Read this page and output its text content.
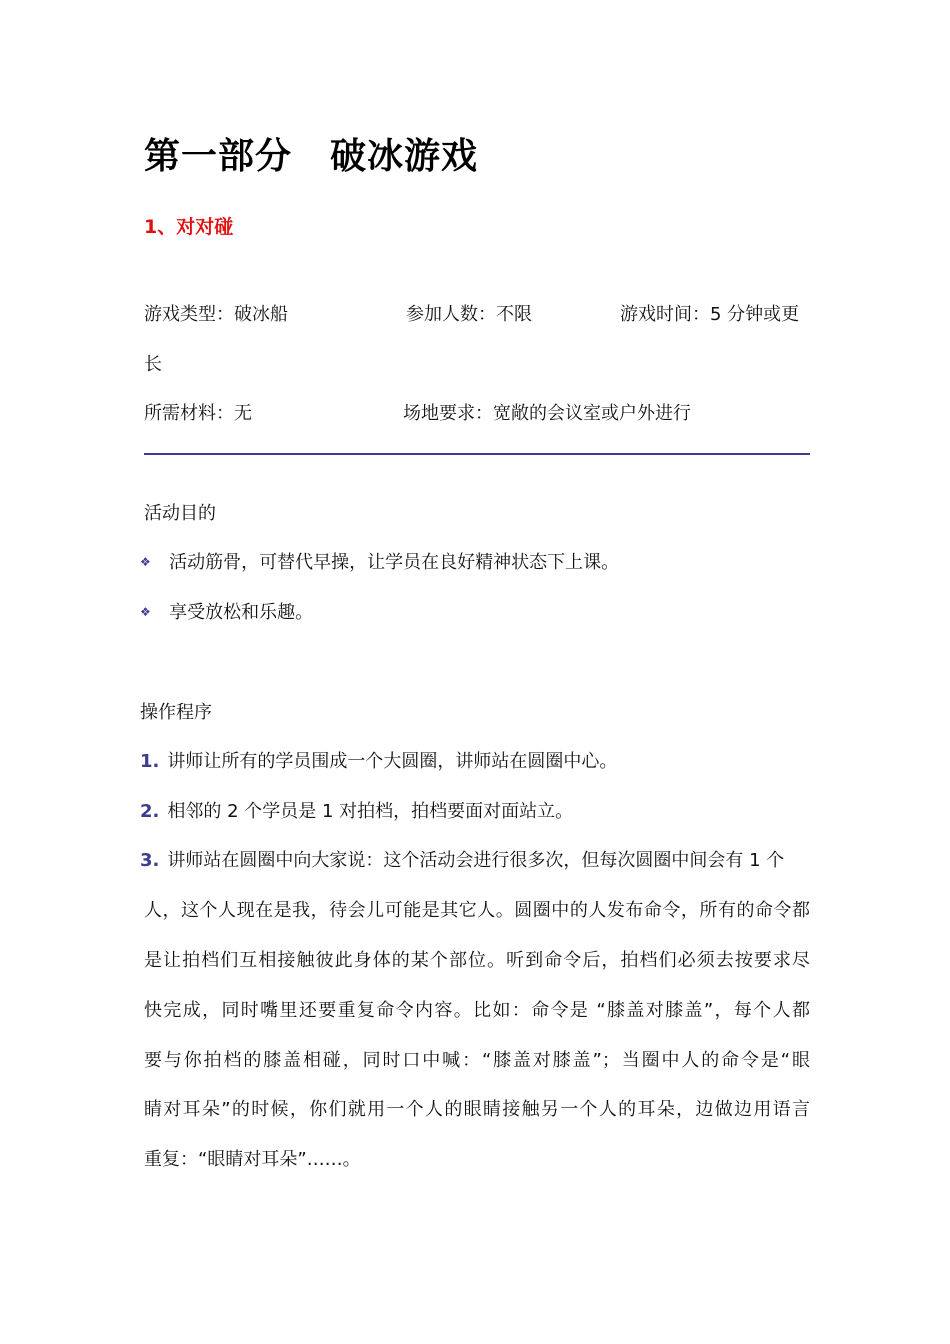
第一部分 破冰游戏
1、对对碰
游戏类型：破冰船	参加人数：不限	游戏时间：5 分钟或更
长
所需材料：无	场地要求：宽敞的会议室或户外进行
活动目的
❖ 活动筋骨，可替代早操，让学员在良好精神状态下上课。
❖ 享受放松和乐趣。
操作程序
1. 讲师让所有的学员围成一个大圆圈，讲师站在圆圈中心。
2. 相邻的 2 个学员是 1 对拍档，拍档要面对面站立。
3. 讲师站在圆圈中向大家说：这个活动会进行很多次，但每次圆圈中间会有 1 个
人，这个人现在是我，待会儿可能是其它人。圆圈中的人发布命令，所有的命令都
是让拍档们互相接触彼此身体的某个部位。听到命令后，拍档们必须去按要求尽
快完成，同时嘴里还要重复命令内容。比如：命令是 “膝盖对膝盖”，每个人都
要与你拍档的膝盖相碰，同时口中喊：“膝盖对膝盖”；当圈中人的命令是“眼
睛对耳朵”的时候，你们就用一个人的眼睛接触另一个人的耳朵，边做边用语言
重复：“眼睛对耳朵”……。
